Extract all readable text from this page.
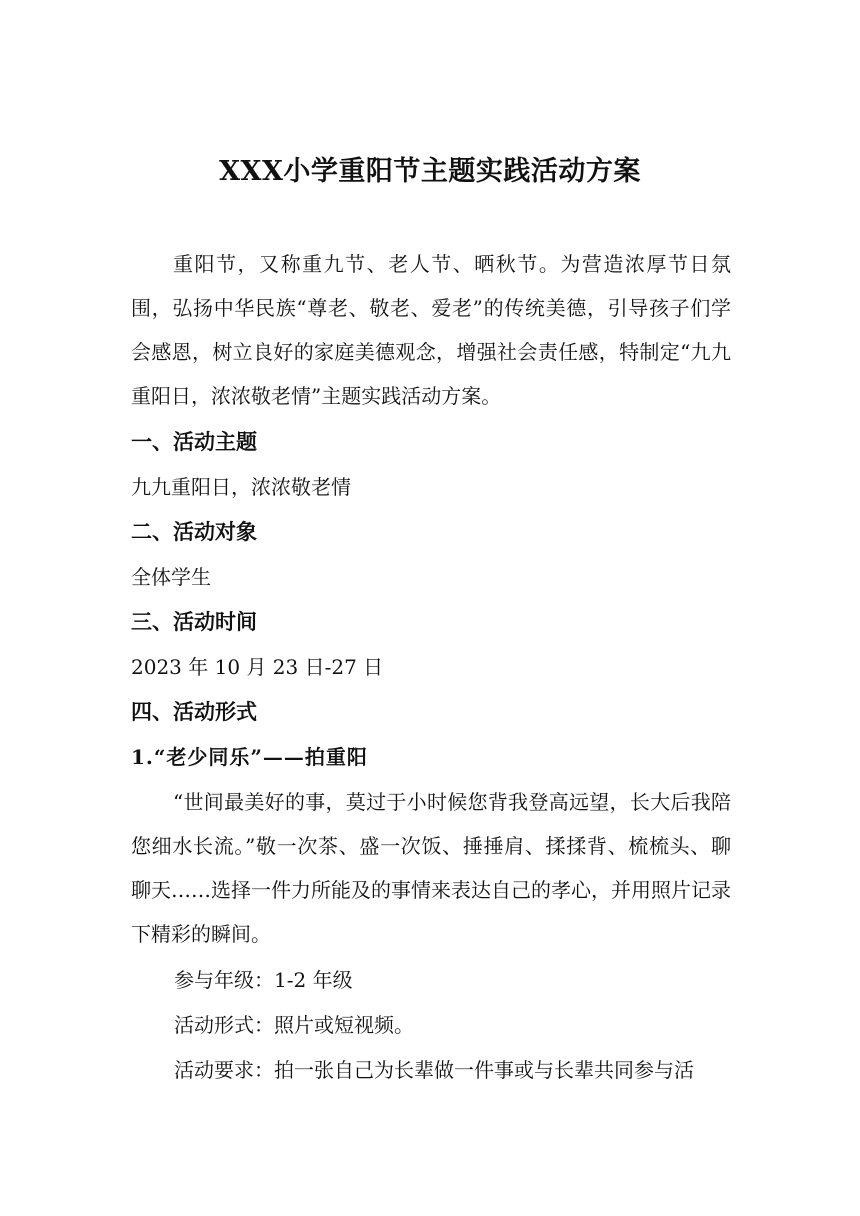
XXX小学重阳节主题实践活动方案

重阳节，又称重九节、老人节、晒秋节。为营造浓厚节日氛围，弘扬中华民族“尊老、敬老、爱老”的传统美德，引导孩子们学会感恩，树立良好的家庭美德观念，增强社会责任感，特制定“九九重阳日，浓浓敬老情”主题实践活动方案。

一、活动主题
九九重阳日，浓浓敬老情
二、活动对象
全体学生
三、活动时间
2023 年 10 月 23 日-27 日
四、活动形式
1.“老少同乐”——拍重阳

“世间最美好的事，莫过于小时候您背我登高远望，长大后我陪您细水长流。”敬一次茶、盛一次饭、捶捶肩、揉揉背、梳梳头、聊聊天……选择一件力所能及的事情来表达自己的孝心，并用照片记录下精彩的瞬间。

参与年级：1-2 年级
活动形式：照片或短视频。
活动要求：拍一张自己为长辈做一件事或与长辈共同参与活
